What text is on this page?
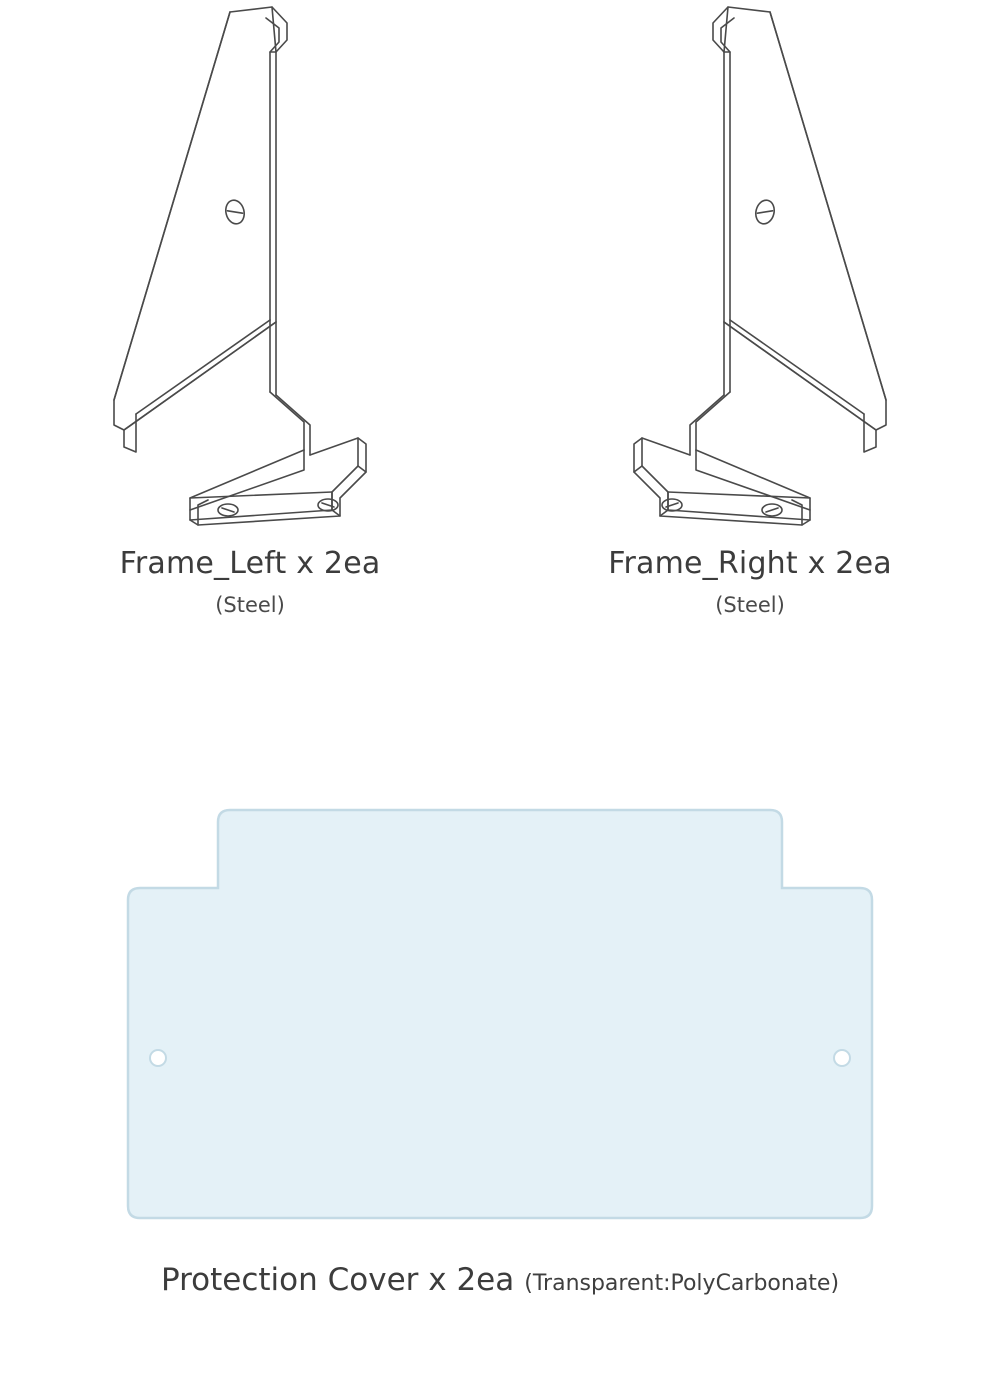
Frame_Left x 2ea
(Steel)
Frame_Right x 2ea
(Steel)
Protection Cover x 2ea (Transparent:PolyCarbonate)
